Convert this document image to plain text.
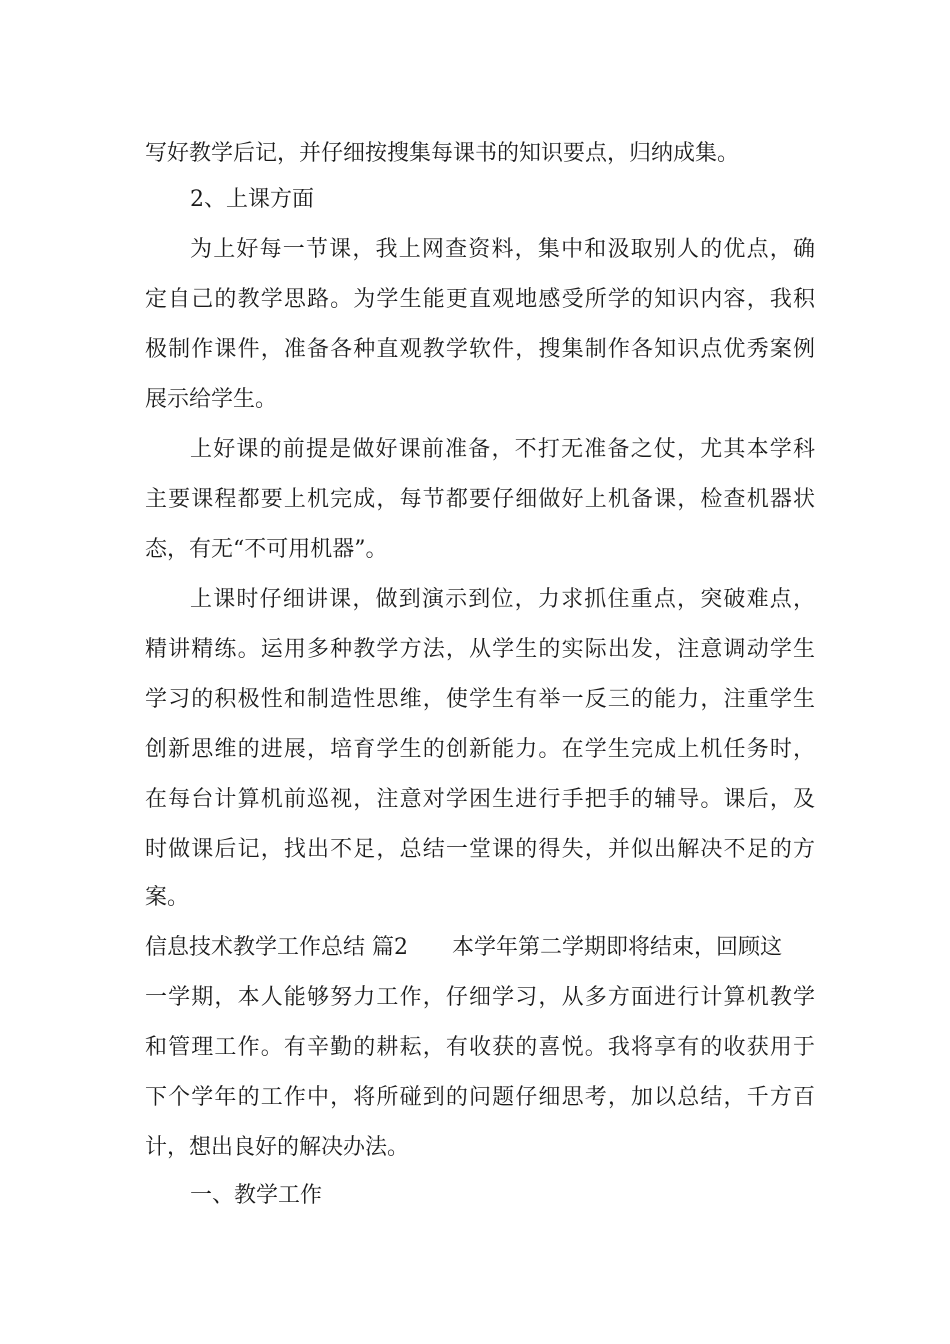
写好教学后记，并仔细按搜集每课书的知识要点，归纳成集。
2、上课方面
为上好每一节课，我上网查资料，集中和汲取别人的优点，确
定自己的教学思路。为学生能更直观地感受所学的知识内容，我积
极制作课件，准备各种直观教学软件，搜集制作各知识点优秀案例
展示给学生。
上好课的前提是做好课前准备，不打无准备之仗，尤其本学科
主要课程都要上机完成，每节都要仔细做好上机备课，检查机器状
态，有无“不可用机器”。
上课时仔细讲课，做到演示到位，力求抓住重点，突破难点，
精讲精练。运用多种教学方法，从学生的实际出发，注意调动学生
学习的积极性和制造性思维，使学生有举一反三的能力，注重学生
创新思维的进展，培育学生的创新能力。在学生完成上机任务时，
在每台计算机前巡视，注意对学困生进行手把手的辅导。课后，及
时做课后记，找出不足，总结一堂课的得失，并似出解决不足的方
案。
信息技术教学工作总结 篇2 本学年第二学期即将结束，回顾这
一学期，本人能够努力工作，仔细学习，从多方面进行计算机教学
和管理工作。有辛勤的耕耘，有收获的喜悦。我将享有的收获用于
下个学年的工作中，将所碰到的问题仔细思考，加以总结，千方百
计，想出良好的解决办法。
一、教学工作
